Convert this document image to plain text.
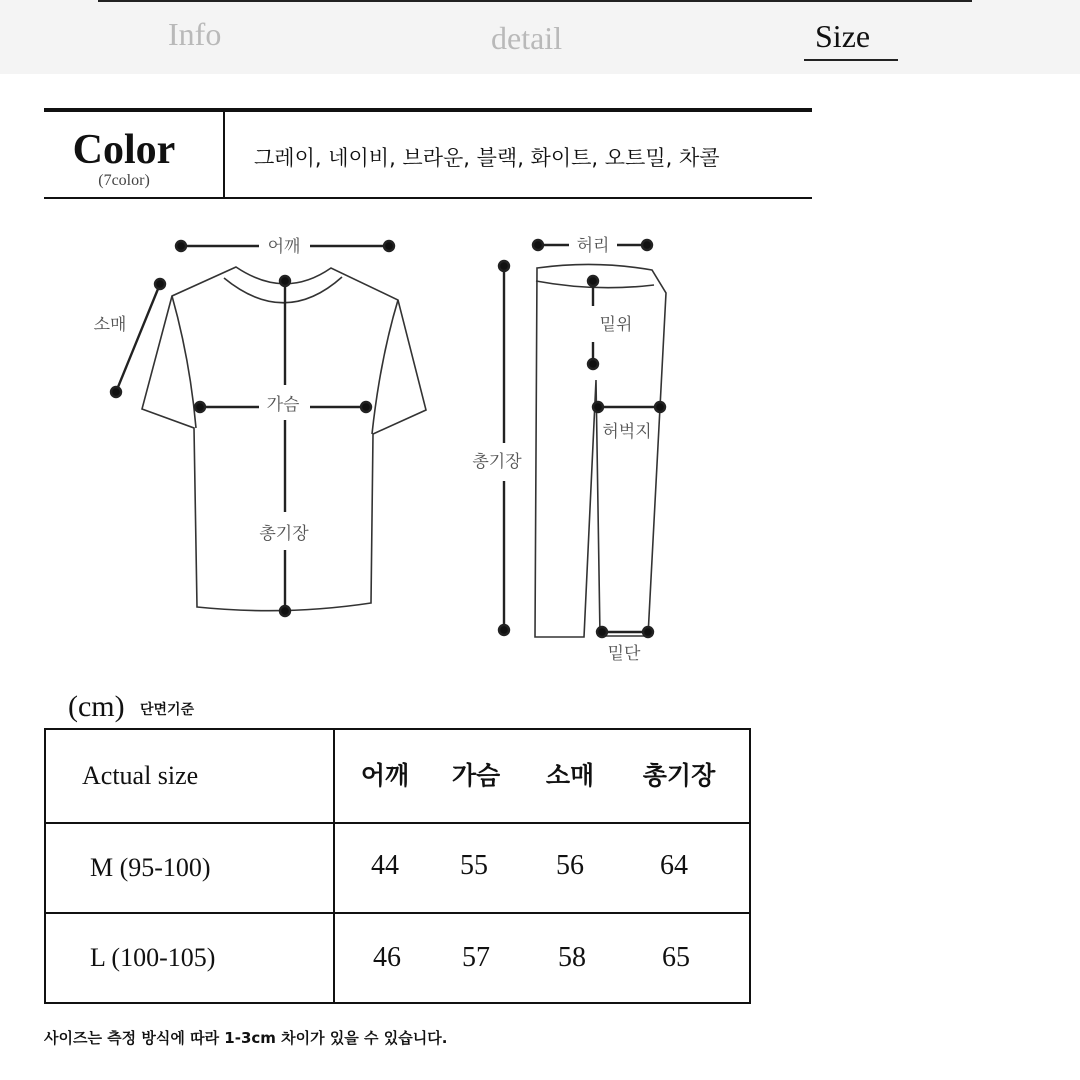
Info	detail	Size
Color
(7color)
그레이, 네이비, 브라운, 블랙, 화이트, 오트밀, 차콜
어깨
소매
가슴
총기장
허리
밑위
허벅지
총기장
밑단
(cm) 단면기준
Actual size	어깨 가슴 소매 총기장

M (95-100)	44 55 56 64

L (100-105)	46 57 58 65
사이즈는 측정 방식에 따라 1-3cm 차이가 있을 수 있습니다.
